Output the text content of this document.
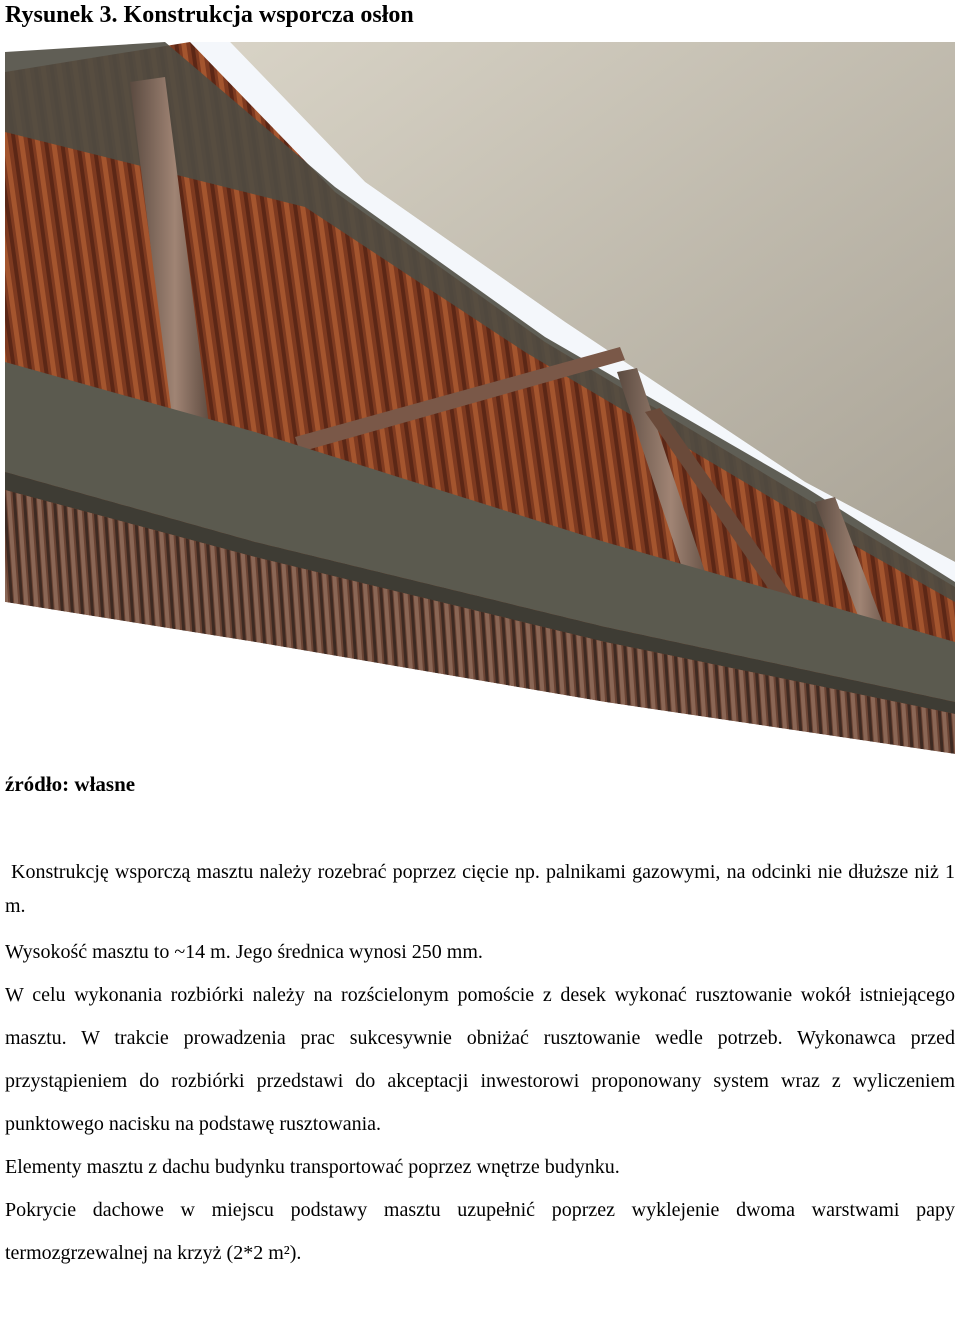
Rysunek 3. Konstrukcja wsporcza osłon
źródło: własne

Konstrukcję wsporczą masztu należy rozebrać poprzez cięcie np. palnikami gazowymi, na odcinki nie dłuższe niż 1 m.

Wysokość masztu to ~14 m. Jego średnica wynosi 250 mm.

W celu wykonania rozbiórki należy na rozścielonym pomoście z desek wykonać rusztowanie wokół istniejącego masztu. W trakcie prowadzenia prac sukcesywnie obniżać rusztowanie wedle potrzeb. Wykonawca przed przystąpieniem do rozbiórki przedstawi do akceptacji inwestorowi proponowany system wraz z wyliczeniem punktowego nacisku na podstawę rusztowania.

Elementy masztu z dachu budynku transportować poprzez wnętrze budynku.

Pokrycie dachowe w miejscu podstawy masztu uzupełnić poprzez wyklejenie dwoma warstwami papy termozgrzewalnej na krzyż (2*2 m²).
